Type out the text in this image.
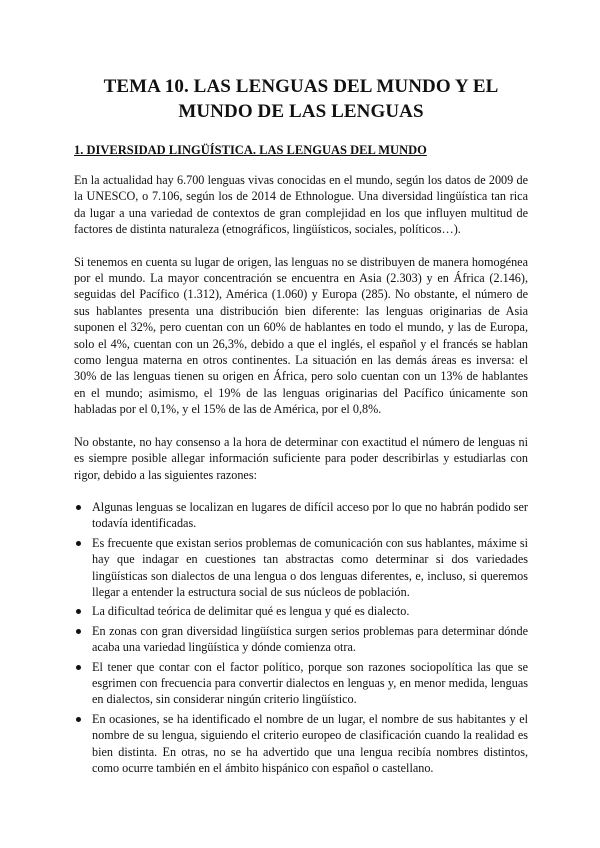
TEMA 10. LAS LENGUAS DEL MUNDO Y EL MUNDO DE LAS LENGUAS
1. DIVERSIDAD LINGÜÍSTICA. LAS LENGUAS DEL MUNDO

En la actualidad hay 6.700 lenguas vivas conocidas en el mundo, según los datos de 2009 de la UNESCO, o 7.106, según los de 2014 de Ethnologue. Una diversidad lingüística tan rica da lugar a una variedad de contextos de gran complejidad en los que influyen multitud de factores de distinta naturaleza (etnográficos, lingüísticos, sociales, políticos…).

Si tenemos en cuenta su lugar de origen, las lenguas no se distribuyen de manera homogénea por el mundo. La mayor concentración se encuentra en Asia (2.303) y en África (2.146), seguidas del Pacífico (1.312), América (1.060) y Europa (285). No obstante, el número de sus hablantes presenta una distribución bien diferente: las lenguas originarias de Asia suponen el 32%, pero cuentan con un 60% de hablantes en todo el mundo, y las de Europa, solo el 4%, cuentan con un 26,3%, debido a que el inglés, el español y el francés se hablan como lengua materna en otros continentes. La situación en las demás áreas es inversa: el 30% de las lenguas tienen su origen en África, pero solo cuentan con un 13% de hablantes en el mundo; asimismo, el 19% de las lenguas originarias del Pacífico únicamente son habladas por el 0,1%, y el 15% de las de América, por el 0,8%.

No obstante, no hay consenso a la hora de determinar con exactitud el número de lenguas ni es siempre posible allegar información suficiente para poder describirlas y estudiarlas con rigor, debido a las siguientes razones:

Algunas lenguas se localizan en lugares de difícil acceso por lo que no habrán podido ser todavía identificadas.
Es frecuente que existan serios problemas de comunicación con sus hablantes, máxime si hay que indagar en cuestiones tan abstractas como determinar si dos variedades lingüísticas son dialectos de una lengua o dos lenguas diferentes, e, incluso, si queremos llegar a entender la estructura social de sus núcleos de población.
La dificultad teórica de delimitar qué es lengua y qué es dialecto.
En zonas con gran diversidad lingüística surgen serios problemas para determinar dónde acaba una variedad lingüística y dónde comienza otra.
El tener que contar con el factor político, porque son razones sociopolítica las que se esgrimen con frecuencia para convertir dialectos en lenguas y, en menor medida, lenguas en dialectos, sin considerar ningún criterio lingüístico.
En ocasiones, se ha identificado el nombre de un lugar, el nombre de sus habitantes y el nombre de su lengua, siguiendo el criterio europeo de clasificación cuando la realidad es bien distinta. En otras, no se ha advertido que una lengua recibía nombres distintos, como ocurre también en el ámbito hispánico con español o castellano.
